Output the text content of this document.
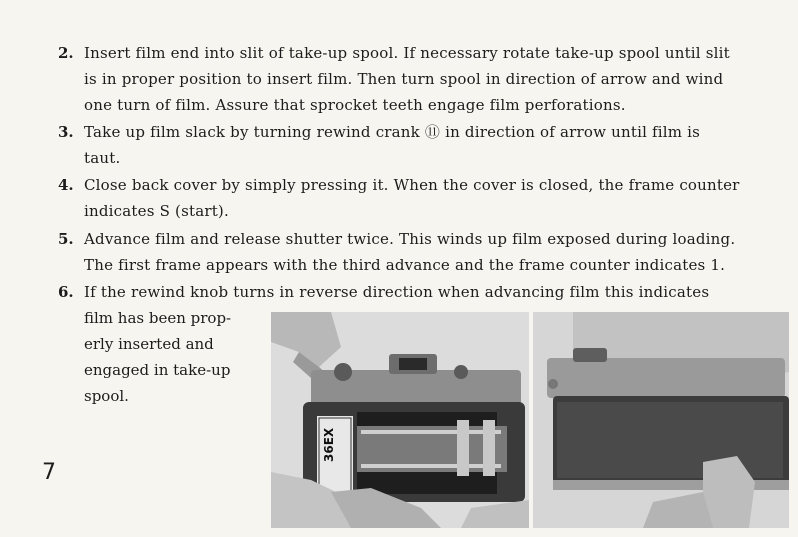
2. Insert film end into slit of take-up spool. If necessary rotate take-up spool until slit
is in proper position to insert film. Then turn spool in direction of arrow and wind
one turn of film. Assure that sprocket teeth engage film perforations.
3. Take up film slack by turning rewind crank ⑪ in direction of arrow until film is
taut.
4. Close back cover by simply pressing it. When the cover is closed, the frame counter
indicates S (start).
5. Advance film and release shutter twice. This winds up film exposed during loading.
The first frame appears with the third advance and the frame counter indicates 1.
6. If the rewind knob turns in reverse direction when advancing film this indicates
film has been prop-
erly inserted and
engaged in take-up
spool.
7
36EX
